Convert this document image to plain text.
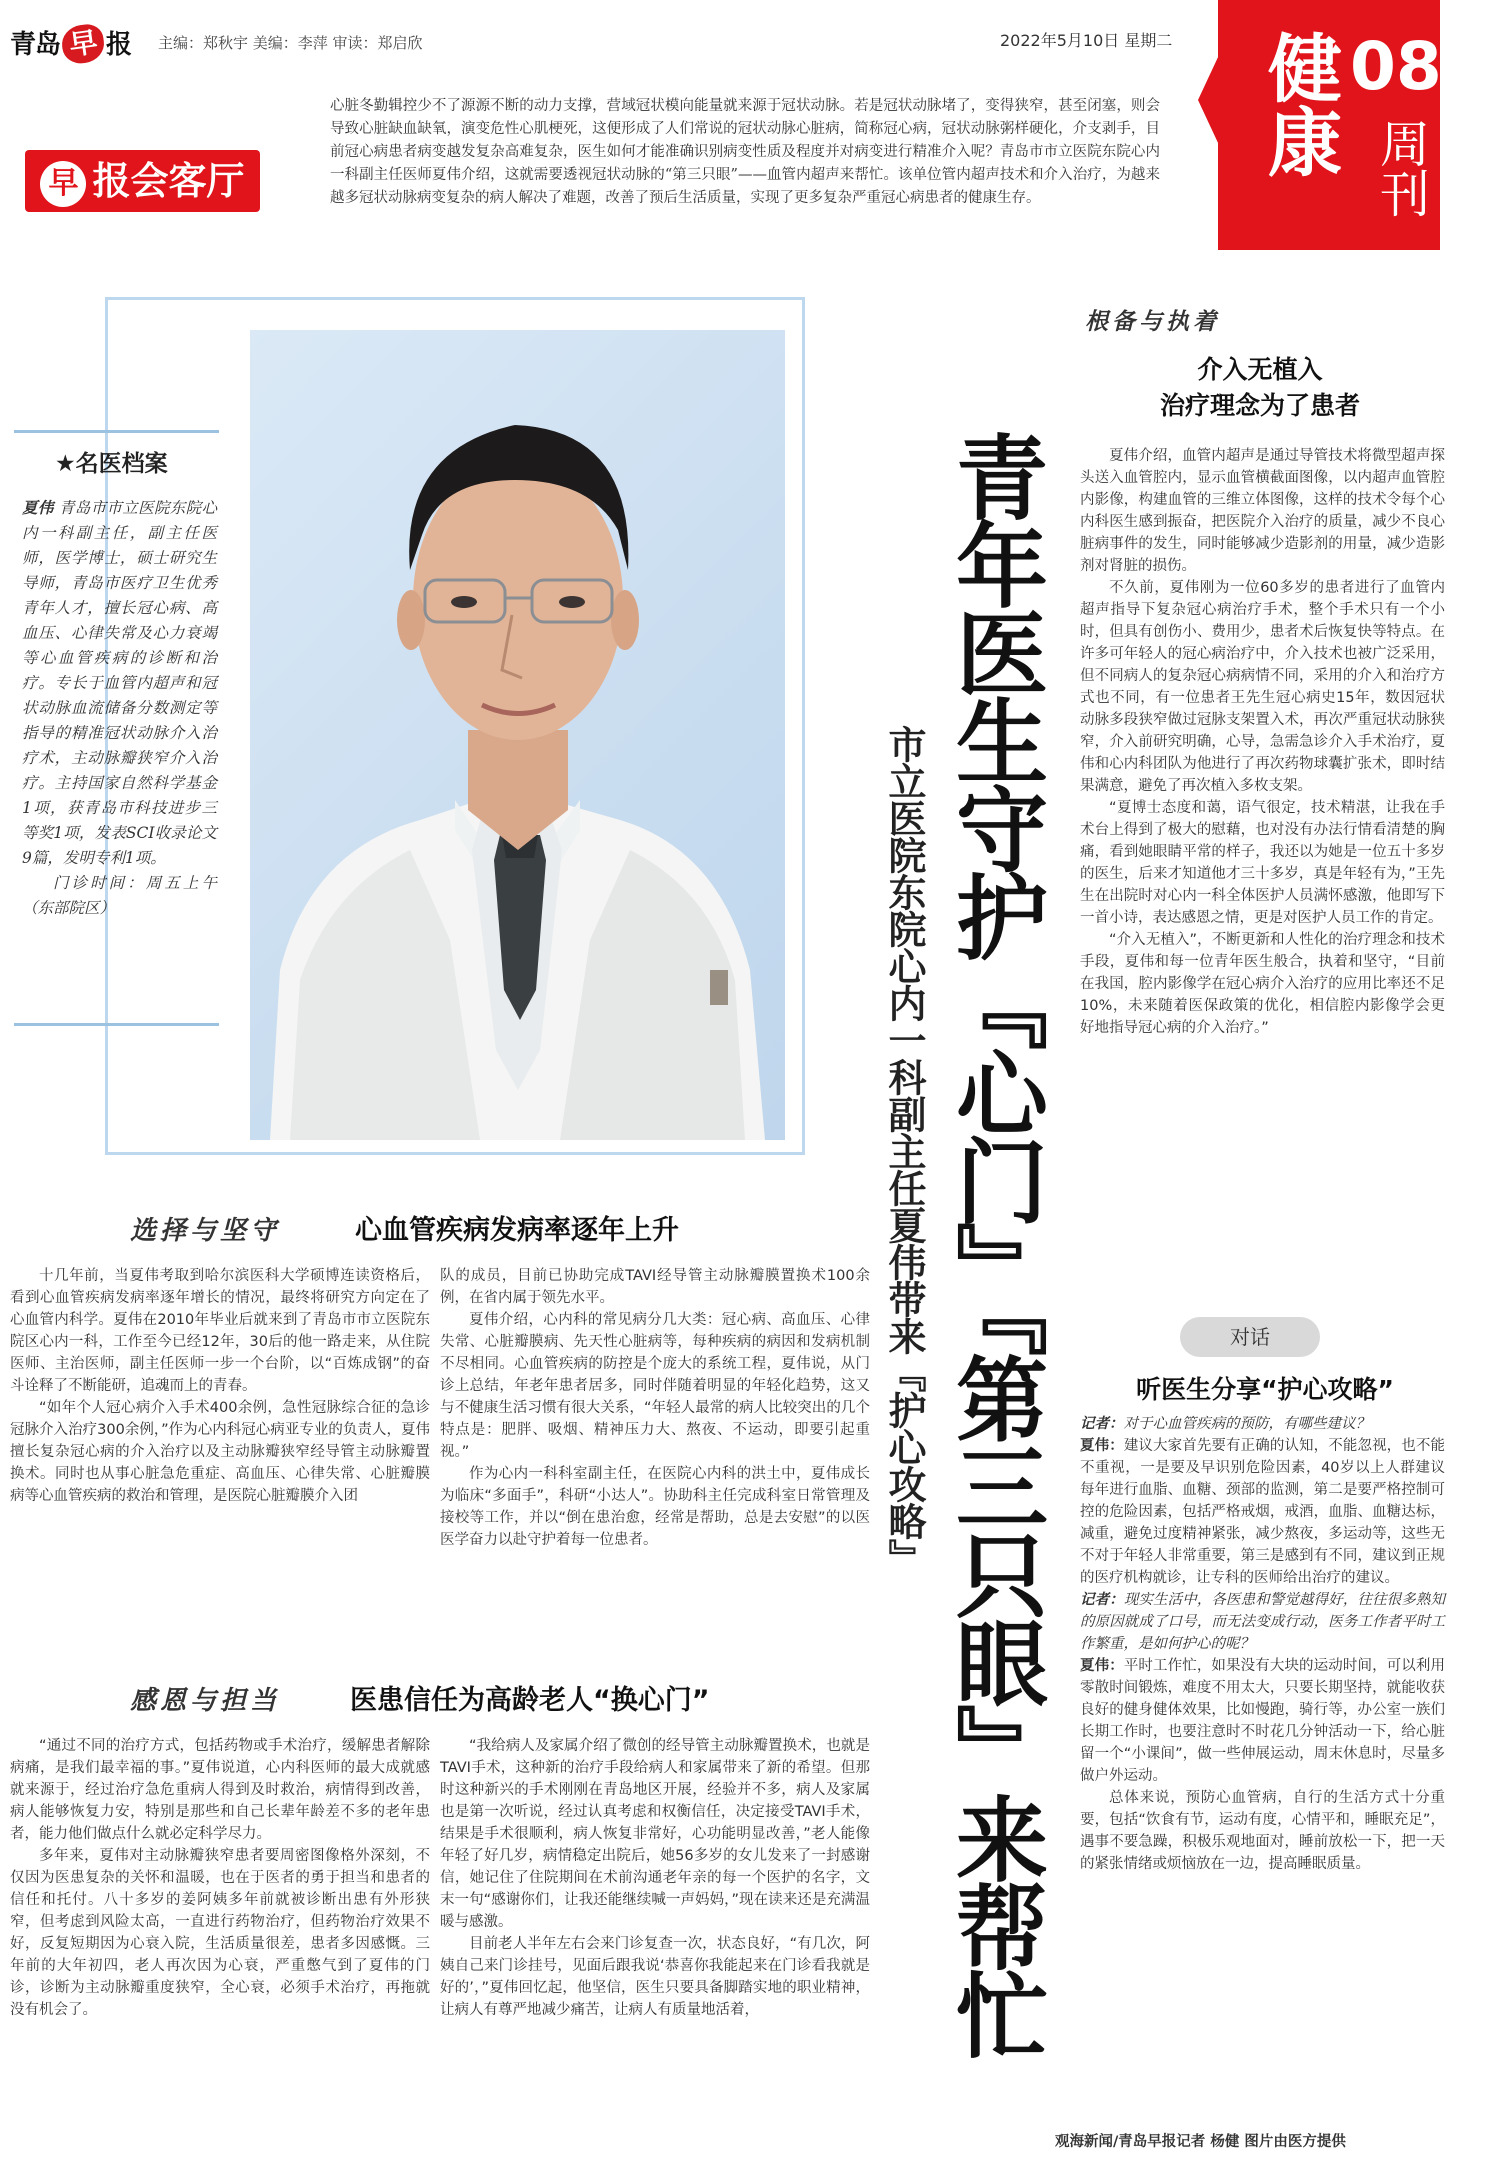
青岛 早 报 主编：郑秋宇 美编：李萍 审读：郑启欣	2022年5月10日 星期二 健康 08
周刊
早 报会客厅
心脏冬勤辑控少不了源源不断的动力支撑，营域冠状模向能量就来源于冠状动脉。若是冠状动脉堵了，变得狭窄，甚至闭塞，则会导致心脏缺血缺氧，演变危性心肌梗死，这便形成了人们常说的冠状动脉心脏病，简称冠心病，冠状动脉粥样硬化，介支剥手，目前冠心病患者病变越发复杂高难复杂，医生如何才能准确识别病变性质及程度并对病变进行精准介入呢？青岛市市立医院东院心内一科副主任医师夏伟介绍，这就需要透视冠状动脉的“第三只眼”——血管内超声来帮忙。该单位管内超声技术和介入治疗，为越来越多冠状动脉病变复杂的病人解决了难题，改善了预后生活质量，实现了更多复杂严重冠心病患者的健康生存。
★名医档案
夏伟 青岛市市立医院东院心内一科副主任，副主任医师，医学博士，硕士研究生导师，青岛市医疗卫生优秀青年人才，擅长冠心病、高血压、心律失常及心力衰竭等心血管疾病的诊断和治疗。专长于血管内超声和冠状动脉血流储备分数测定等指导的精准冠状动脉介入治疗术，主动脉瓣狭窄介入治疗。主持国家自然科学基金1项，获青岛市科技进步三等奖1项，发表SCI收录论文9篇，发明专利1项。
门诊时间：周五上午（东部院区）	青年医生守护『心门』『第三只眼』来帮忙
市立医院东院心内一科副主任夏伟带来『护心攻略』
选择与坚守	心血管疾病发病率逐年上升

十几年前，当夏伟考取到哈尔滨医科大学硕博连读资格后，看到心血管疾病发病率逐年增长的情况，最终将研究方向定在了心血管内科学。夏伟在2010年毕业后就来到了青岛市市立医院东院区心内一科，工作至今已经12年，30后的他一路走来，从住院医师、主治医师，副主任医师一步一个台阶，以“百炼成钢”的奋斗诠释了不断能研，追魂而上的青春。

“如年个人冠心病介入手术400余例，急性冠脉综合征的急诊冠脉介入治疗300余例，”作为心内科冠心病亚专业的负责人，夏伟擅长复杂冠心病的介入治疗以及主动脉瓣狭窄经导管主动脉瓣置换术。同时也从事心脏急危重症、高血压、心律失常、心脏瓣膜病等心血管疾病的救治和管理，是医院心脏瓣膜介入团

队的成员，目前已协助完成TAVI经导管主动脉瓣膜置换术100余例，在省内属于领先水平。

夏伟介绍，心内科的常见病分几大类：冠心病、高血压、心律失常、心脏瓣膜病、先天性心脏病等，每种疾病的病因和发病机制不尽相同。心血管疾病的防控是个庞大的系统工程，夏伟说，从门诊上总结，年老年患者居多，同时伴随着明显的年轻化趋势，这又与不健康生活习惯有很大关系，“年轻人最常的病人比较突出的几个特点是：肥胖、吸烟、精神压力大、熬夜、不运动，即要引起重视。”

作为心内一科科室副主任，在医院心内科的洪土中，夏伟成长为临床“多面手”，科研“小达人”。协助科主任完成科室日常管理及接校等工作，并以“倒在患治愈，经常是帮助，总是去安慰”的以医医学奋力以赴守护着每一位患者。

感恩与担当	医患信任为高龄老人“换心门”

“通过不同的治疗方式，包括药物或手术治疗，缓解患者解除病痛，是我们最幸福的事。”夏伟说道，心内科医师的最大成就感就来源于，经过治疗急危重病人得到及时救治，病情得到改善，病人能够恢复力安，特别是那些和自己长辈年龄差不多的老年患者，能力他们做点什么就必定科学尽力。

多年来，夏伟对主动脉瓣狭窄患者要周密图像格外深刻，不仅因为医患复杂的关怀和温暖，也在于医者的勇于担当和患者的信任和托付。八十多岁的姜阿姨多年前就被诊断出患有外形狭窄，但考虑到风险太高，一直进行药物治疗，但药物治疗效果不好，反复短期因为心衰入院，生活质量很差，患者多因感慨。三年前的大年初四，老人再次因为心衰，严重憋气到了夏伟的门诊，诊断为主动脉瓣重度狭窄，全心衰，必须手术治疗，再拖就没有机会了。

“我给病人及家属介绍了微创的经导管主动脉瓣置换术，也就是TAVI手术，这种新的治疗手段给病人和家属带来了新的希望。但那时这种新兴的手术刚刚在青岛地区开展，经验并不多，病人及家属也是第一次听说，经过认真考虑和权衡信任，决定接受TAVI手术，结果是手术很顺利，病人恢复非常好，心功能明显改善，”老人能像年轻了好几岁，病情稳定出院后，她56多岁的女儿发来了一封感谢信，她记住了住院期间在术前沟通老年亲的每一个医护的名字，文末一句“感谢你们，让我还能继续喊一声妈妈，”现在读来还是充满温暖与感激。

目前老人半年左右会来门诊复查一次，状态良好，“有几次，阿姨自己来门诊挂号，见面后跟我说‘恭喜你我能起来在门诊看我就是好的’，”夏伟回忆起，他坚信，医生只要具备脚踏实地的职业精神，让病人有尊严地减少痛苦，让病人有质量地活着，

根备与执着
介入无植入
治疗理念为了患者

夏伟介绍，血管内超声是通过导管技术将微型超声探头送入血管腔内，显示血管横截面图像，以内超声血管腔内影像，构建血管的三维立体图像，这样的技术令每个心内科医生感到振奋，把医院介入治疗的质量，减少不良心脏病事件的发生，同时能够减少造影剂的用量，减少造影剂对肾脏的损伤。

不久前，夏伟刚为一位60多岁的患者进行了血管内超声指导下复杂冠心病治疗手术，整个手术只有一个小时，但具有创伤小、费用少，患者术后恢复快等特点。在许多可年轻人的冠心病治疗中，介入技术也被广泛采用，但不同病人的复杂冠心病病情不同，采用的介入和治疗方式也不同，有一位患者王先生冠心病史15年，数因冠状动脉多段狭窄做过冠脉支架置入术，再次严重冠状动脉狭窄，介入前研究明确，心导，急需急诊介入手术治疗，夏伟和心内科团队为他进行了再次药物球囊扩张术，即时结果满意，避免了再次植入多枚支架。

“夏博士态度和蔼，语气很定，技术精湛，让我在手术台上得到了极大的慰藉，也对没有办法行情看清楚的胸痛，看到她眼睛平常的样子，我还以为她是一位五十多岁的医生，后来才知道他才三十多岁，真是年轻有为，”王先生在出院时对心内一科全体医护人员满怀感激，他即写下一首小诗，表达感恩之情，更是对医护人员工作的肯定。

“介入无植入”，不断更新和人性化的治疗理念和技术手段，夏伟和每一位青年医生般合，执着和坚守，“目前在我国，腔内影像学在冠心病介入治疗的应用比率还不足10%，未来随着医保政策的优化，相信腔内影像学会更好地指导冠心病的介入治疗。”

对话
听医生分享“护心攻略”

记者：对于心血管疾病的预防，有哪些建议？

夏伟：建议大家首先要有正确的认知，不能忽视，也不能不重视，一是要及早识别危险因素，40岁以上人群建议每年进行血脂、血糖、颈部的监测，第二是要严格控制可控的危险因素，包括严格戒烟，戒酒，血脂、血糖达标，减重，避免过度精神紧张，减少熬夜，多运动等，这些无不对于年轻人非常重要，第三是感到有不同，建议到正规的医疗机构就诊，让专科的医师给出治疗的建议。

记者：现实生活中，各医患和警觉越得好，往往很多熟知的原因就成了口号，而无法变成行动，医务工作者平时工作繁重，是如何护心的呢？

夏伟：平时工作忙，如果没有大块的运动时间，可以利用零散时间锻炼，难度不用太大，只要长期坚持，就能收获良好的健身健体效果，比如慢跑，骑行等，办公室一族们长期工作时，也要注意时不时花几分钟活动一下，给心脏留一个“小课间”，做一些伸展运动，周末休息时，尽量多做户外运动。

总体来说，预防心血管病，自行的生活方式十分重要，包括“饮食有节，运动有度，心情平和，睡眠充足”，遇事不要急躁，积极乐观地面对，睡前放松一下，把一天的紧张情绪或烦恼放在一边，提高睡眠质量。

观海新闻/青岛早报记者 杨健 图片由医方提供
